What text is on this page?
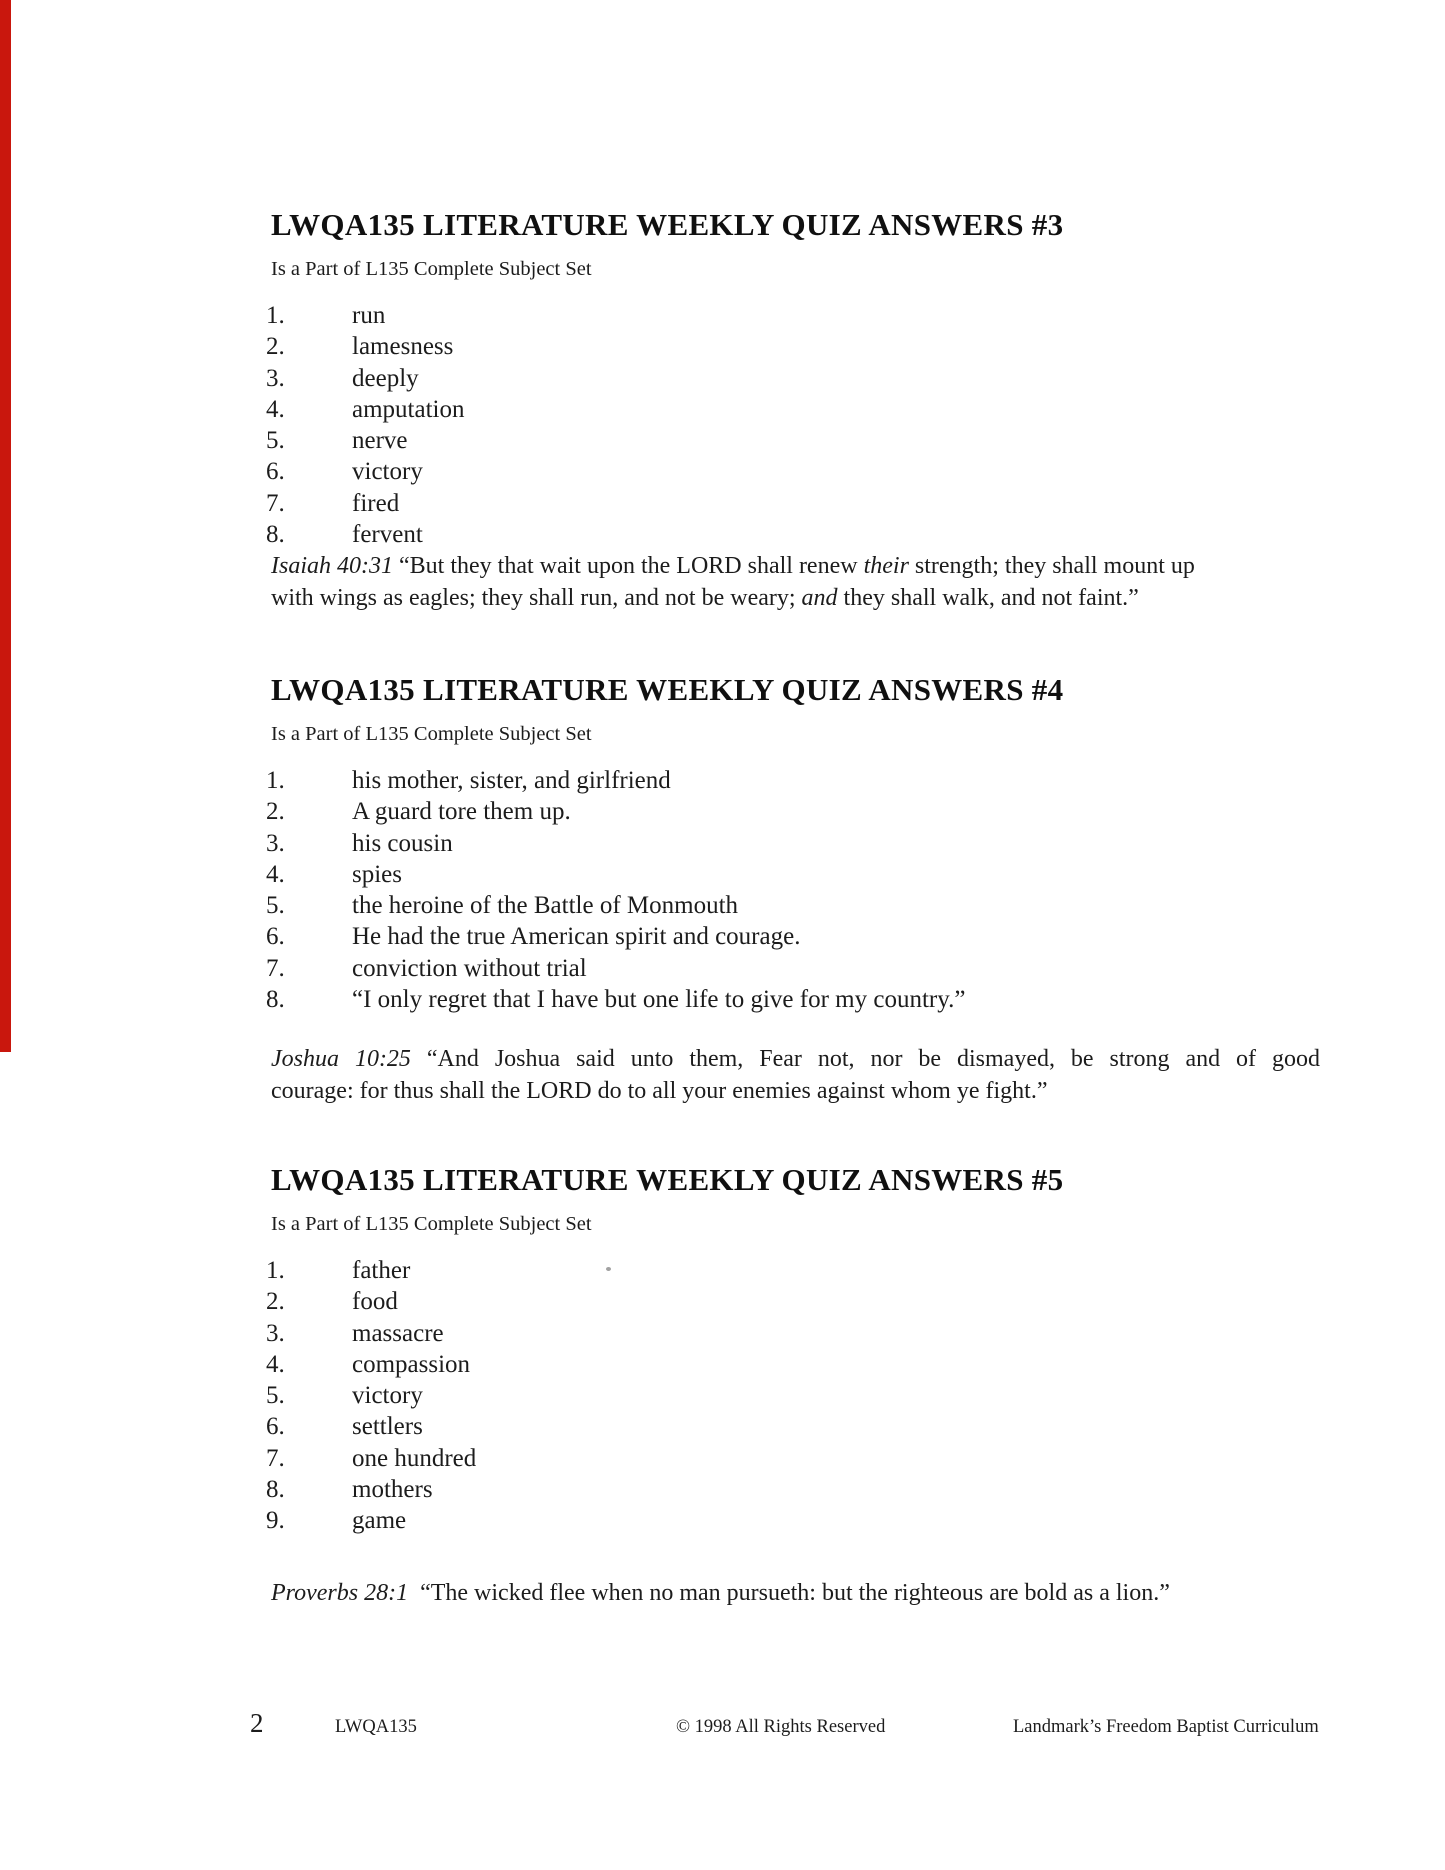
LWQA135 LITERATURE WEEKLY QUIZ ANSWERS #3
Is a Part of L135 Complete Subject Set
1.	run
2.	lamesness
3.	deeply
4.	amputation
5.	nerve
6.	victory
7.	fired
8.	fervent
Isaiah 40:31 “But they that wait upon the LORD shall renew their strength; they shall mount up
with wings as eagles; they shall run, and not be weary; and they shall walk, and not faint.”
LWQA135 LITERATURE WEEKLY QUIZ ANSWERS #4
Is a Part of L135 Complete Subject Set
1.	his mother, sister, and girlfriend
2.	A guard tore them up.
3.	his cousin
4.	spies
5.	the heroine of the Battle of Monmouth
6.	He had the true American spirit and courage.
7.	conviction without trial
8.	“I only regret that I have but one life to give for my country.”
Joshua 10:25 “And Joshua said unto them, Fear not, nor be dismayed, be strong and of good
courage: for thus shall the LORD do to all your enemies against whom ye fight.”
LWQA135 LITERATURE WEEKLY QUIZ ANSWERS #5
Is a Part of L135 Complete Subject Set
1.	father
2.	food
3.	massacre
4.	compassion
5.	victory
6.	settlers
7.	one hundred
8.	mothers
9.	game
Proverbs 28:1  “The wicked flee when no man pursueth: but the righteous are bold as a lion.”
2	LWQA135	© 1998 All Rights Reserved	Landmark’s Freedom Baptist Curriculum
